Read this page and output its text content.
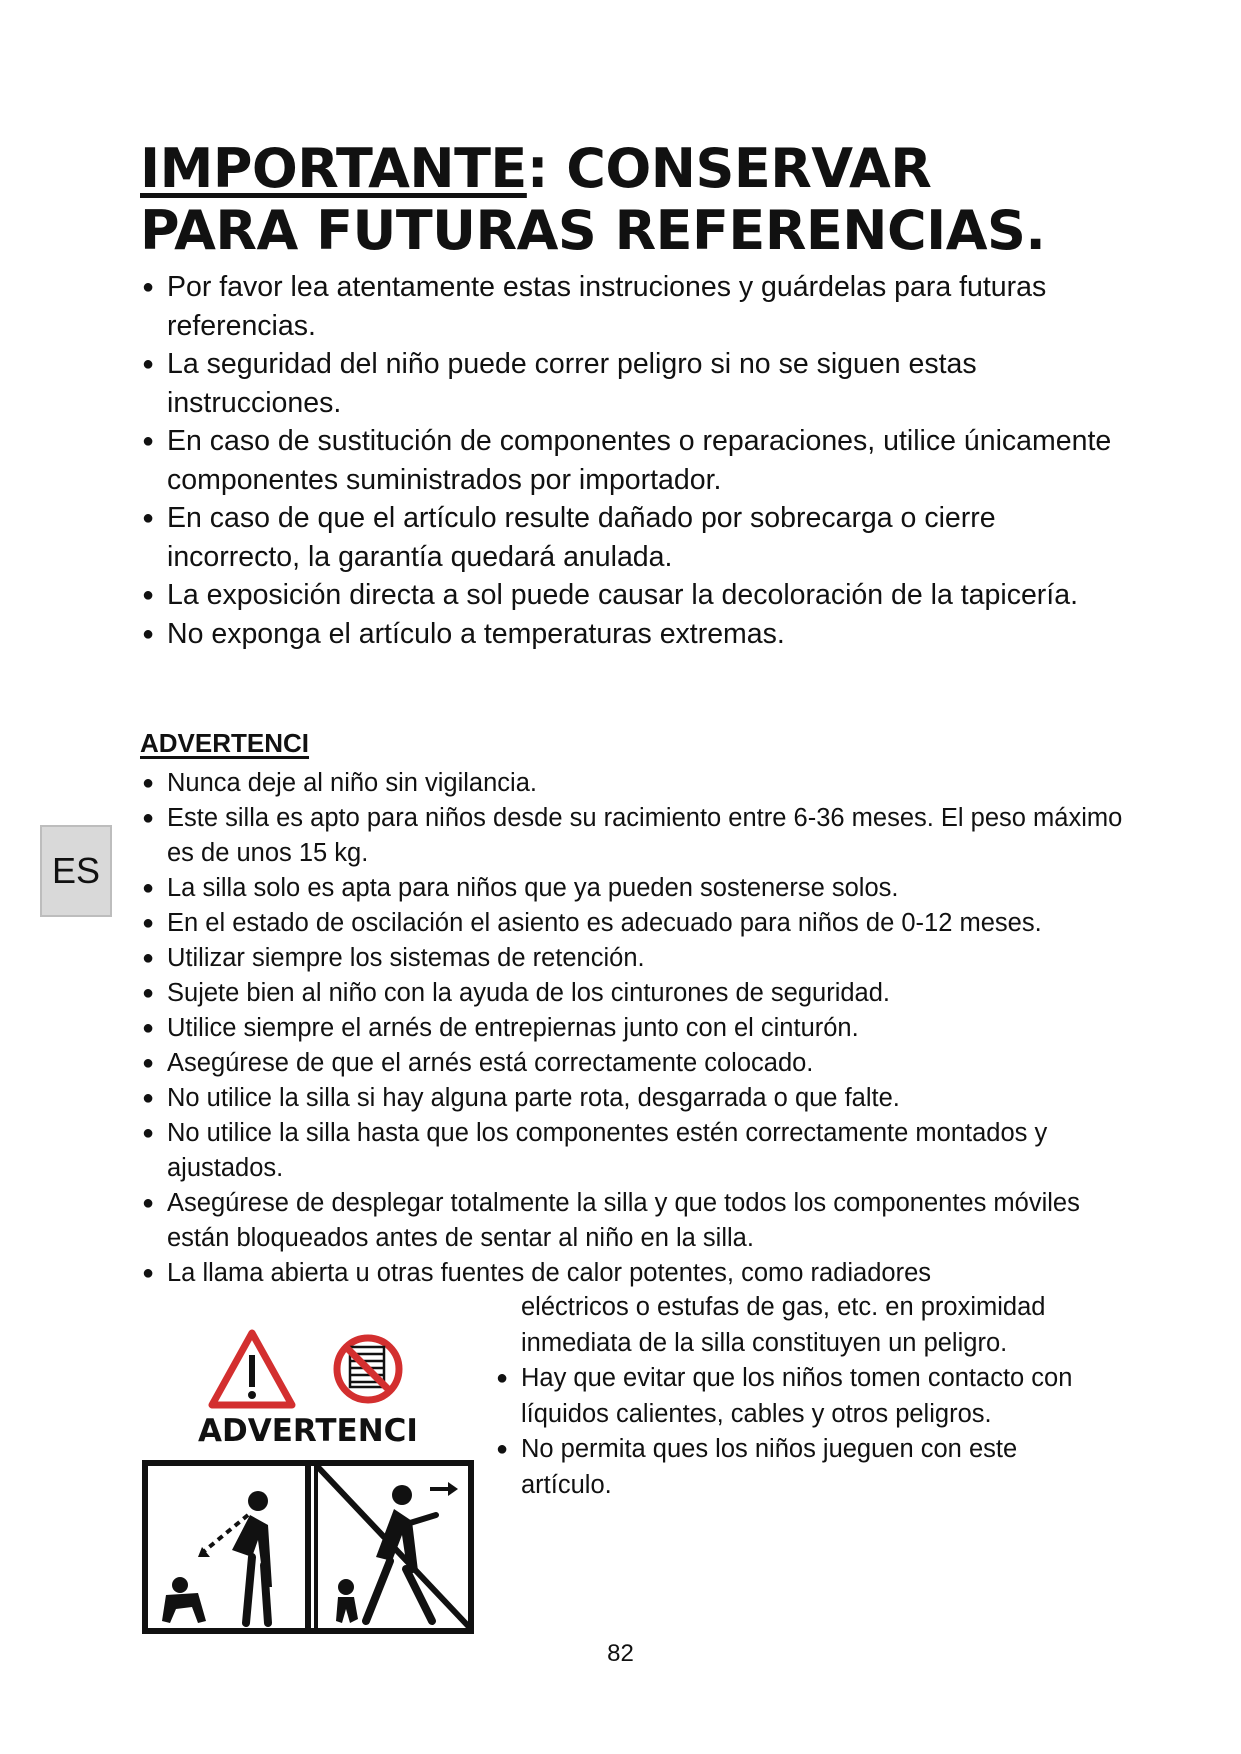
IMPORTANTE: CONSERVAR PARA FUTURAS REFERENCIAS.
● Por favor lea atentamente estas instruciones y guárdelas para futuras referencias.
● La seguridad del niño puede correr peligro si no se siguen estas instrucciones.
● En caso de sustitución de componentes o reparaciones, utilice únicamente componentes suministrados por importador.
● En caso de que el artículo resulte dañado por sobrecarga o cierre incorrecto, la garantía quedará anulada.
● La exposición directa a sol puede causar la decoloración de la tapicería.
● No exponga el artículo a temperaturas extremas.
ADVERTENCI
● Nunca deje al niño sin vigilancia.
● Este silla es apto para niños desde su racimiento entre 6-36 meses. El peso máximo es de unos 15 kg.
● La silla solo es apta para niños que ya pueden sostenerse solos.
● En el estado de oscilación el asiento es adecuado para niños de 0-12 meses.
● Utilizar siempre los sistemas de retención.
● Sujete bien al niño con la ayuda de los cinturones de seguridad.
● Utilice siempre el arnés de entrepiernas junto con el cinturón.
● Asegúrese de que el arnés está correctamente colocado.
● No utilice la silla si hay alguna parte rota, desgarrada o que falte.
● No utilice la silla hasta que los componentes estén correctamente montados y ajustados.
● Asegúrese de desplegar totalmente la silla y que todos los componentes móviles están bloqueados antes de sentar al niño en la silla.
● La llama abierta u otras fuentes de calor potentes, como radiadores
eléctricos o estufas de gas, etc. en proximidad inmediata de la silla constituyen un peligro.
● Hay que evitar que los niños tomen contacto con líquidos calientes, cables y otros peligros.
● No permita ques los niños jueguen con este artículo.
ES
ADVERTENCI
82
